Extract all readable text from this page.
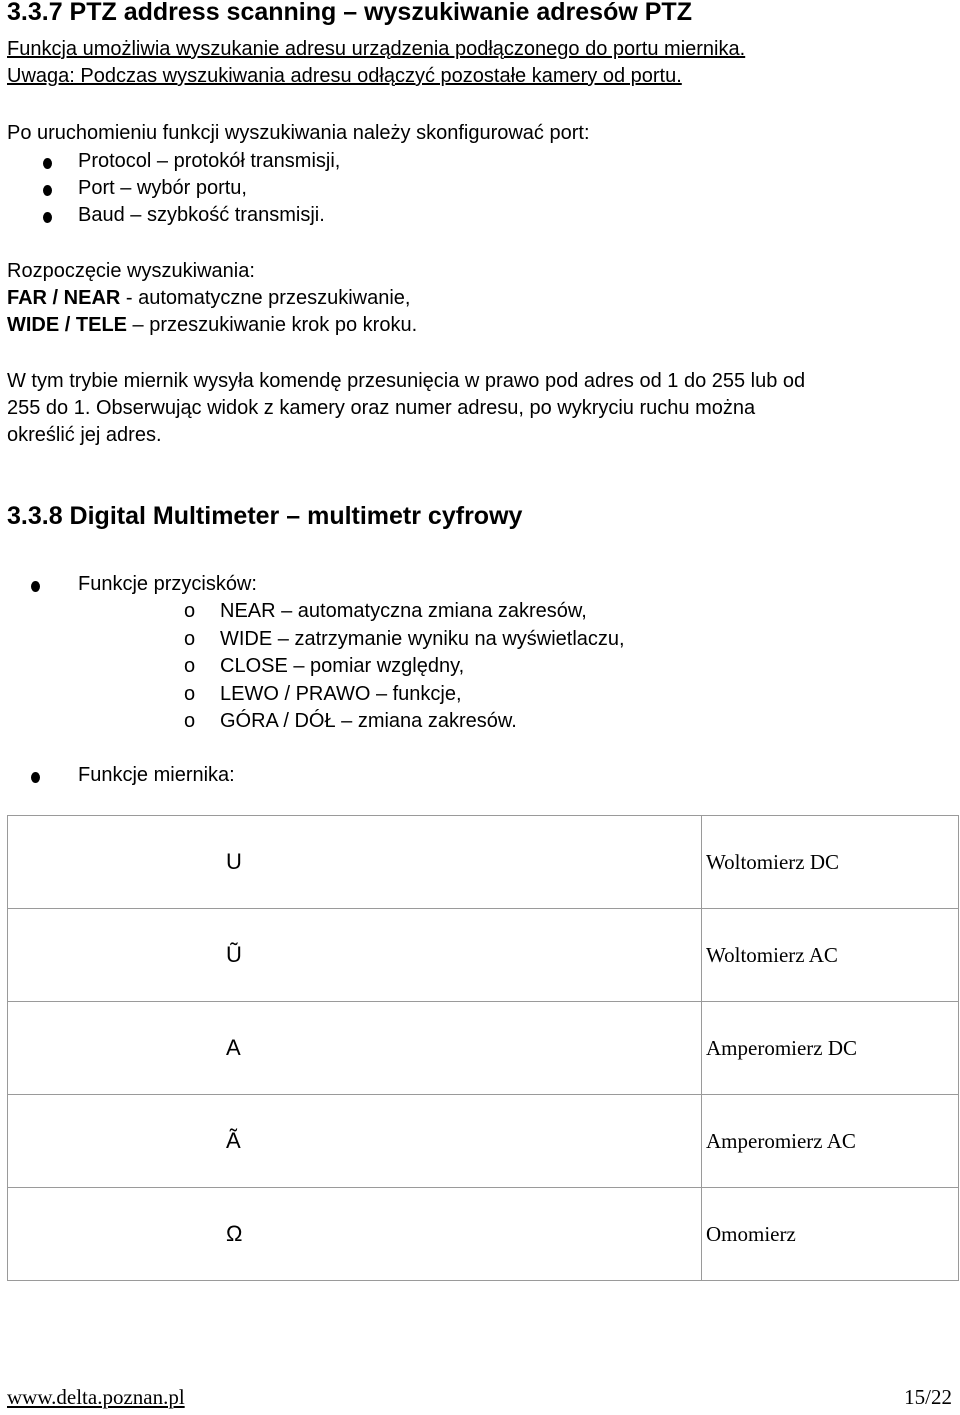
3.3.7 PTZ address scanning – wyszukiwanie adresów PTZ
Funkcja umożliwia wyszukanie adresu urządzenia podłączonego do portu miernika.
Uwaga: Podczas wyszukiwania adresu odłączyć pozostałe kamery od portu.
Po uruchomieniu funkcji wyszukiwania należy skonfigurować port:
Protocol – protokół transmisji,
Port – wybór portu,
Baud – szybkość transmisji.
Rozpoczęcie wyszukiwania:
FAR / NEAR - automatyczne przeszukiwanie,
WIDE / TELE – przeszukiwanie krok po kroku.
W tym trybie miernik wysyła komendę przesunięcia w prawo pod adres od 1 do 255 lub od
255 do 1. Obserwując widok z kamery oraz numer adresu, po wykryciu ruchu można
określić jej adres.
3.3.8 Digital Multimeter – multimetr cyfrowy
Funkcje przycisków:
o NEAR – automatyczna zmiana zakresów,
o WIDE – zatrzymanie wyniku na wyświetlaczu,
o CLOSE – pomiar względny,
o LEWO / PRAWO – funkcje,
o GÓRA / DÓŁ – zmiana zakresów.
Funkcje miernika:
U	Woltomierz DC
Ũ	Woltomierz AC
A	Amperomierz DC
Ã	Amperomierz AC
Ω	Omomierz
www.delta.poznan.pl	15/22
